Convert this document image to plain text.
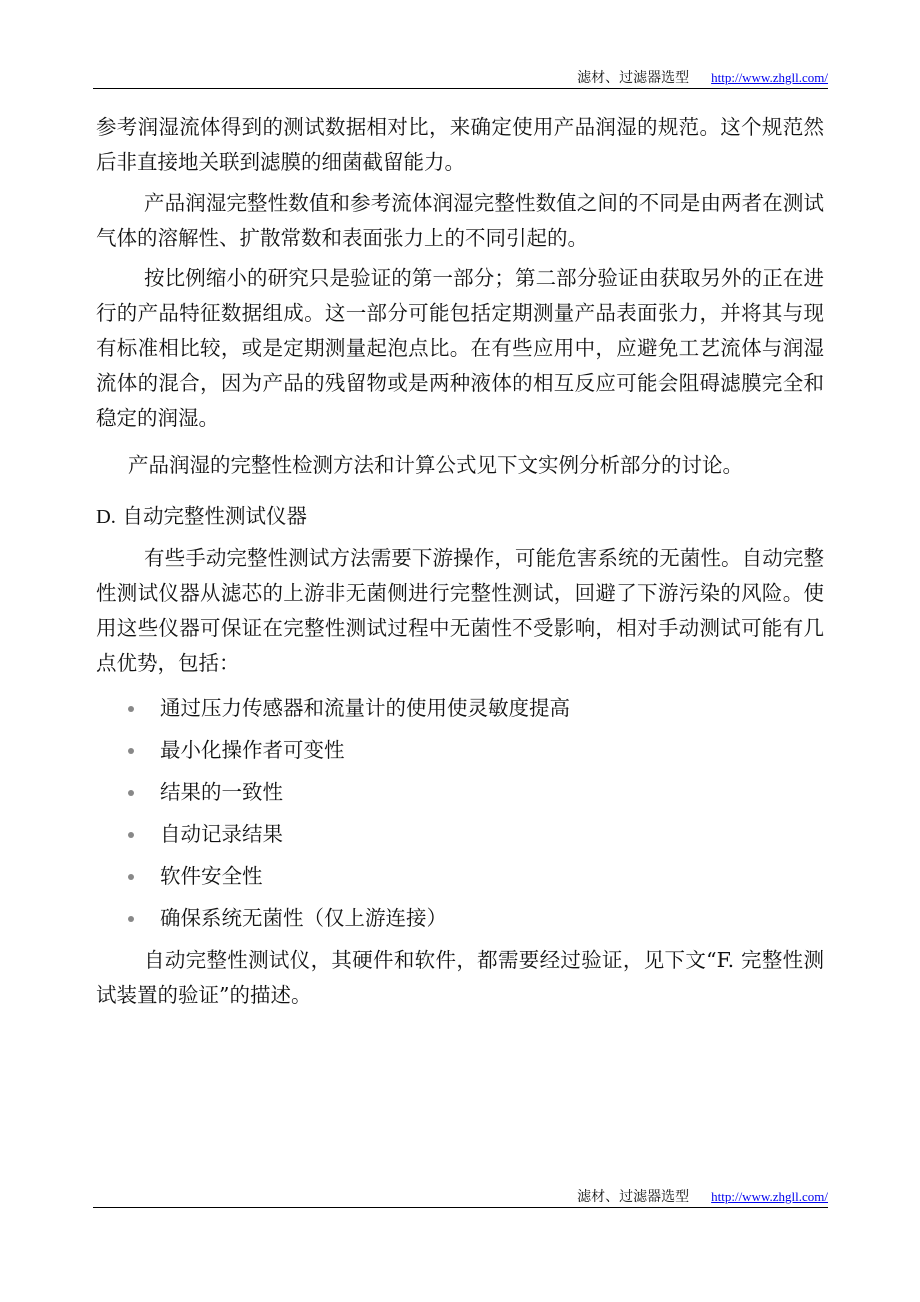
滤材、过滤器选型 http://www.zhgll.com/

参考润湿流体得到的测试数据相对比，来确定使用产品润湿的规范。这个规范然后非直接地关联到滤膜的细菌截留能力。

产品润湿完整性数值和参考流体润湿完整性数值之间的不同是由两者在测试气体的溶解性、扩散常数和表面张力上的不同引起的。

按比例缩小的研究只是验证的第一部分；第二部分验证由获取另外的正在进行的产品特征数据组成。这一部分可能包括定期测量产品表面张力，并将其与现有标准相比较，或是定期测量起泡点比。在有些应用中，应避免工艺流体与润湿流体的混合，因为产品的残留物或是两种液体的相互反应可能会阻碍滤膜完全和稳定的润湿。

产品润湿的完整性检测方法和计算公式见下文实例分析部分的讨论。

D. 自动完整性测试仪器

有些手动完整性测试方法需要下游操作，可能危害系统的无菌性。自动完整性测试仪器从滤芯的上游非无菌侧进行完整性测试，回避了下游污染的风险。使用这些仪器可保证在完整性测试过程中无菌性不受影响，相对手动测试可能有几点优势，包括：

通过压力传感器和流量计的使用使灵敏度提高
最小化操作者可变性
结果的一致性
自动记录结果
软件安全性
确保系统无菌性（仅上游连接）

自动完整性测试仪，其硬件和软件，都需要经过验证，见下文“F. 完整性测试装置的验证”的描述。

滤材、过滤器选型 http://www.zhgll.com/
